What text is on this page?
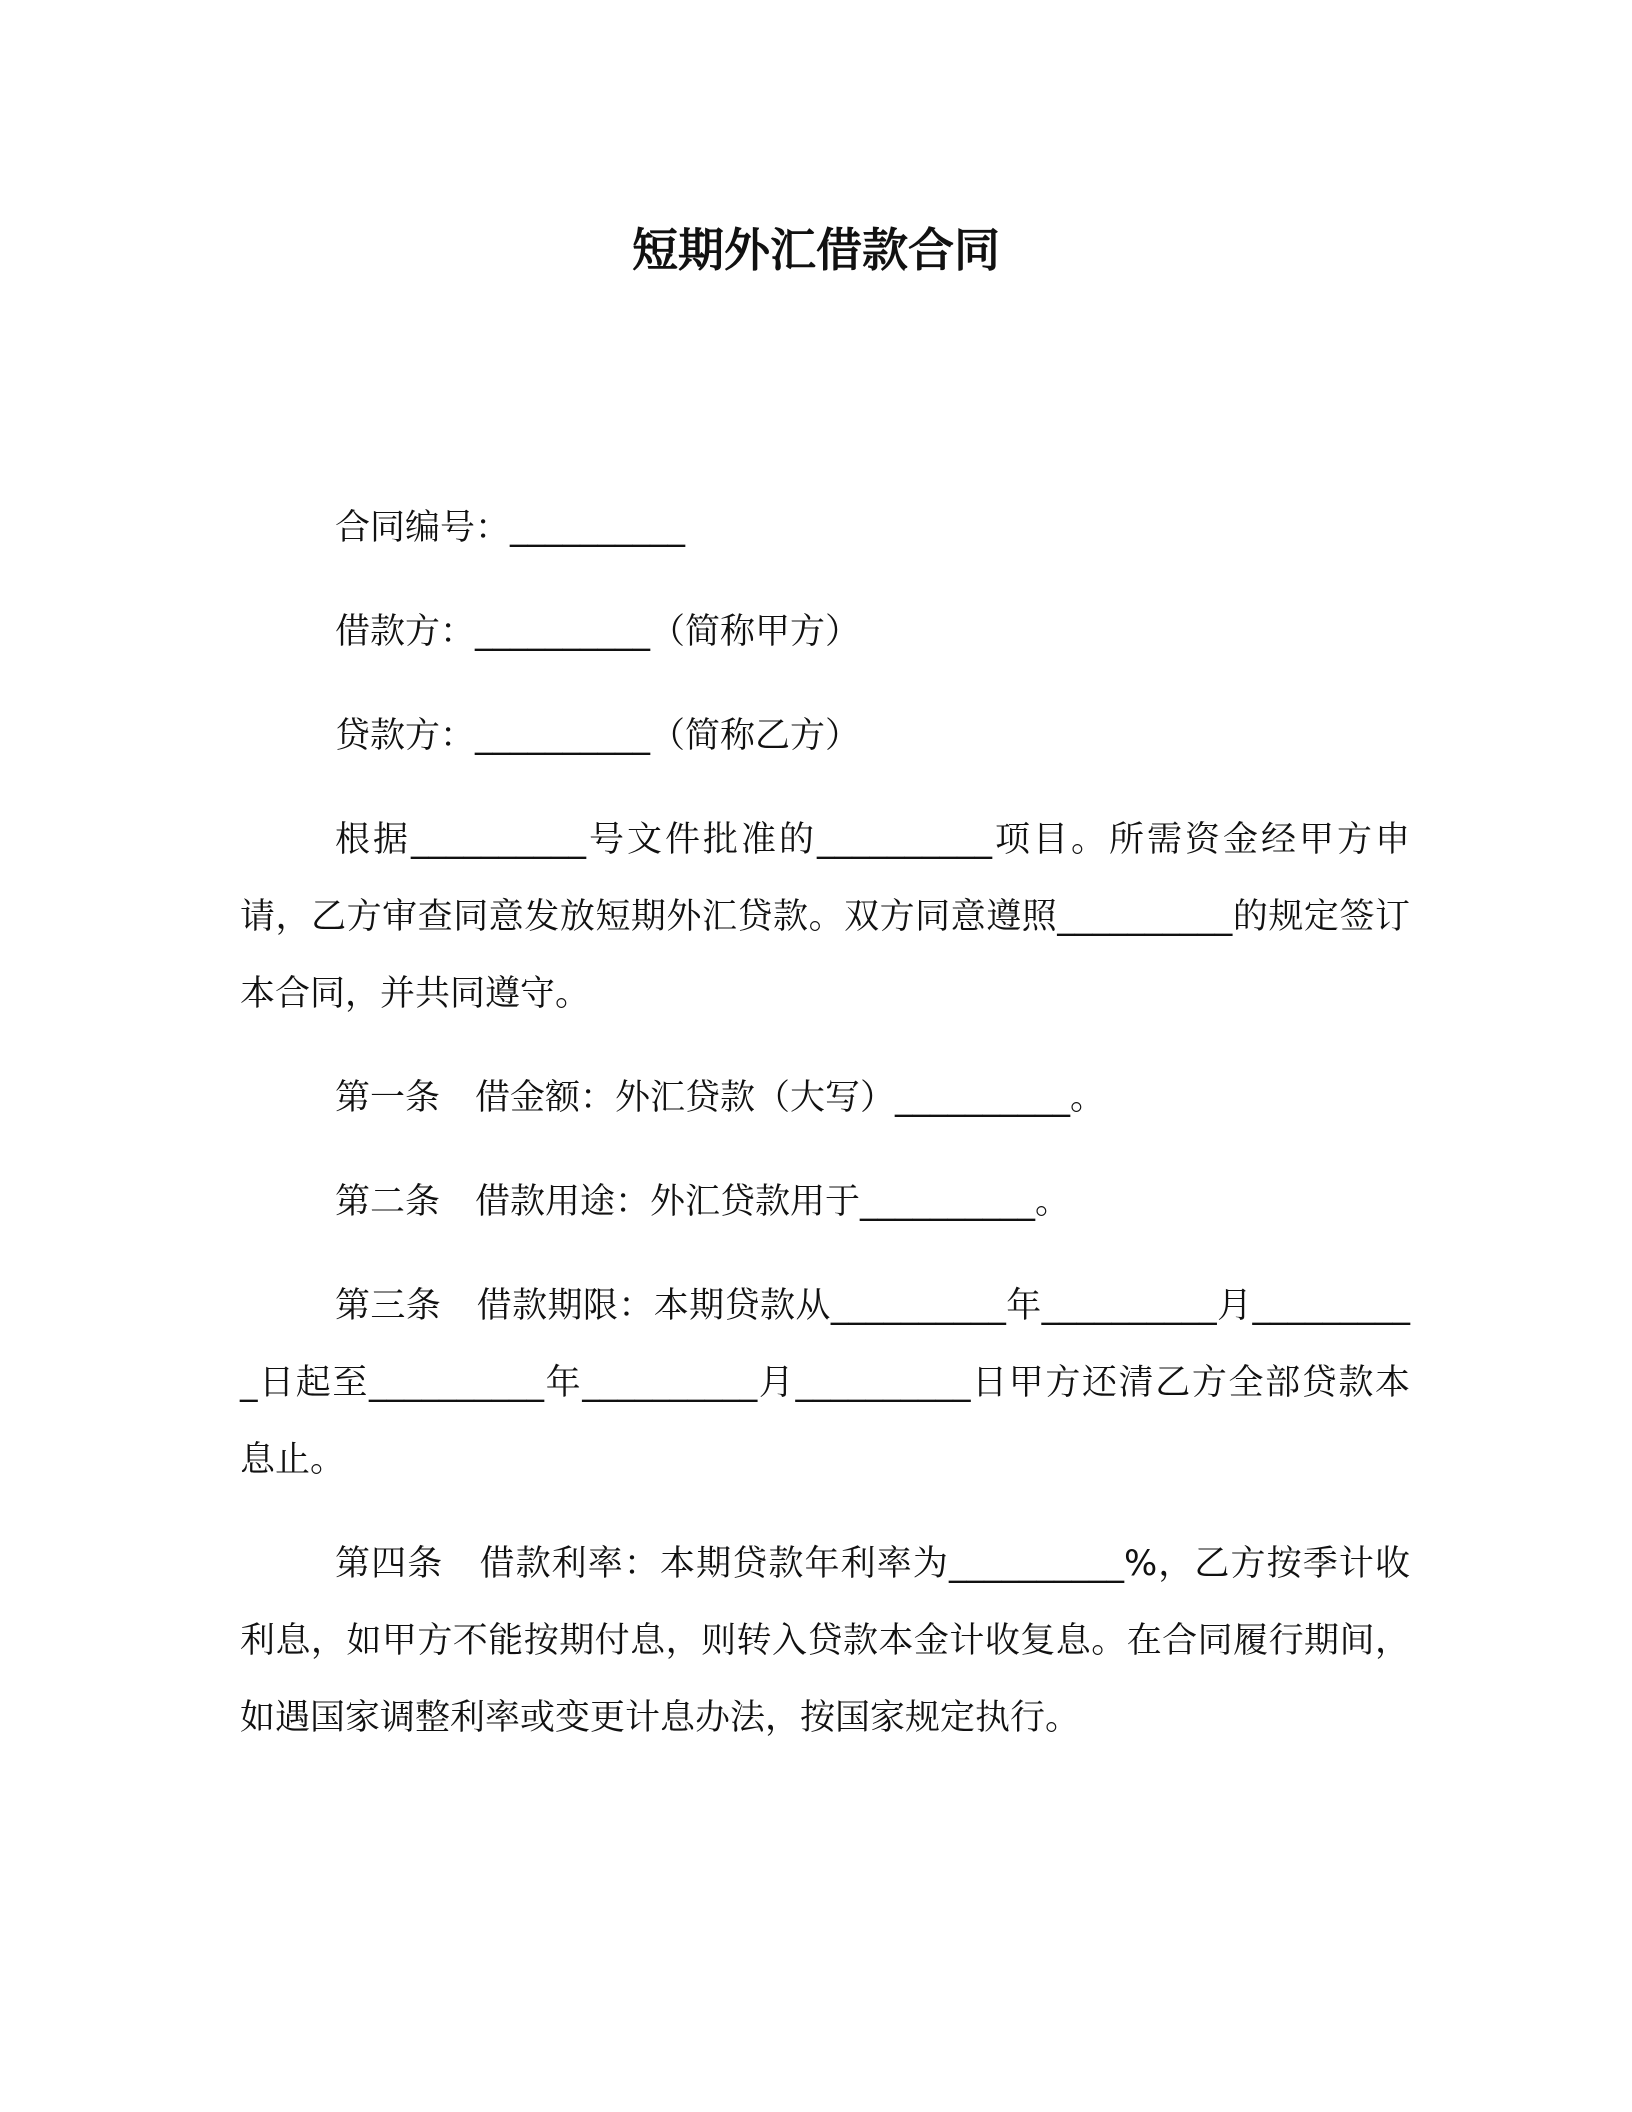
短期外汇借款合同

合同编号：__________

借款方：__________（简称甲方）

贷款方：__________（简称乙方）

根据__________号文件批准的__________项目。所需资金经甲方申请，乙方审查同意发放短期外汇贷款。双方同意遵照__________的规定签订本合同，并共同遵守。

第一条　借金额：外汇贷款（大写）__________。

第二条　借款用途：外汇贷款用于__________。

第三条　借款期限：本期贷款从__________年__________月__________日起至__________年__________月__________日甲方还清乙方全部贷款本息止。

第四条　借款利率：本期贷款年利率为__________%，乙方按季计收利息，如甲方不能按期付息，则转入贷款本金计收复息。在合同履行期间，如遇国家调整利率或变更计息办法，按国家规定执行。
